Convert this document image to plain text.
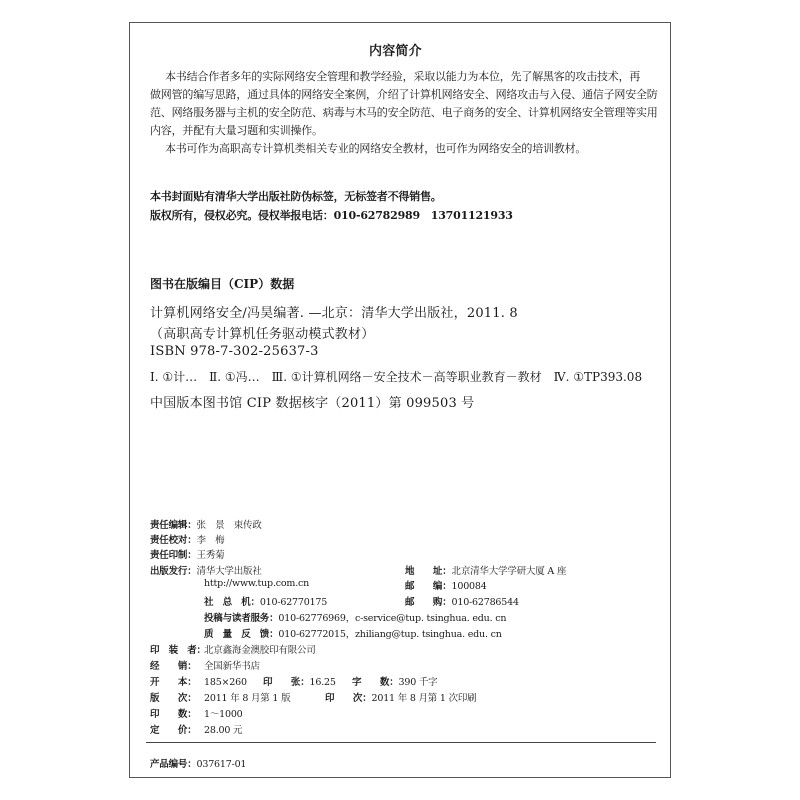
内容简介
本书结合作者多年的实际网络安全管理和教学经验，采取以能力为本位，先了解黑客的攻击技术，再
做网管的编写思路，通过具体的网络安全案例，介绍了计算机网络安全、网络攻击与入侵、通信子网安全防
范、网络服务器与主机的安全防范、病毒与木马的安全防范、电子商务的安全、计算机网络安全管理等实用
内容，并配有大量习题和实训操作。
本书可作为高职高专计算机类相关专业的网络安全教材，也可作为网络安全的培训教材。
本书封面贴有清华大学出版社防伪标签，无标签者不得销售。
版权所有，侵权必究。侵权举报电话：010-62782989　13701121933
图书在版编目（CIP）数据
计算机网络安全/冯昊编著. —北京：清华大学出版社，2011. 8
（高职高专计算机任务驱动模式教材）
ISBN 978-7-302-25637-3
Ⅰ. ①计…　Ⅱ. ①冯…　Ⅲ. ①计算机网络－安全技术－高等职业教育－教材　Ⅳ. ①TP393.08
中国版本图书馆 CIP 数据核字（2011）第 099503 号
责任编辑：张　景　束传政
责任校对：李　梅
责任印制：王秀菊
出版发行：清华大学出版社	地　　址：北京清华大学学研大厦 A 座
http://www.tup.com.cn	邮　　编：100084
社　总　机：010-62770175	邮　　购：010-62786544
投稿与读者服务：010-62776969，c-service@tup. tsinghua. edu. cn
质　量　反　馈：010-62772015，zhiliang@tup. tsinghua. edu. cn
印　装　者：北京鑫海金澳胶印有限公司
经　　销： 全国新华书店
开　　本： 185×260 印　　张：16.25 字　　数：390 千字
版　　次： 2011 年 8 月第 1 版	印　　次：2011 年 8 月第 1 次印刷
印　　数： 1～1000
定　　价： 28.00 元
产品编号：037617-01
